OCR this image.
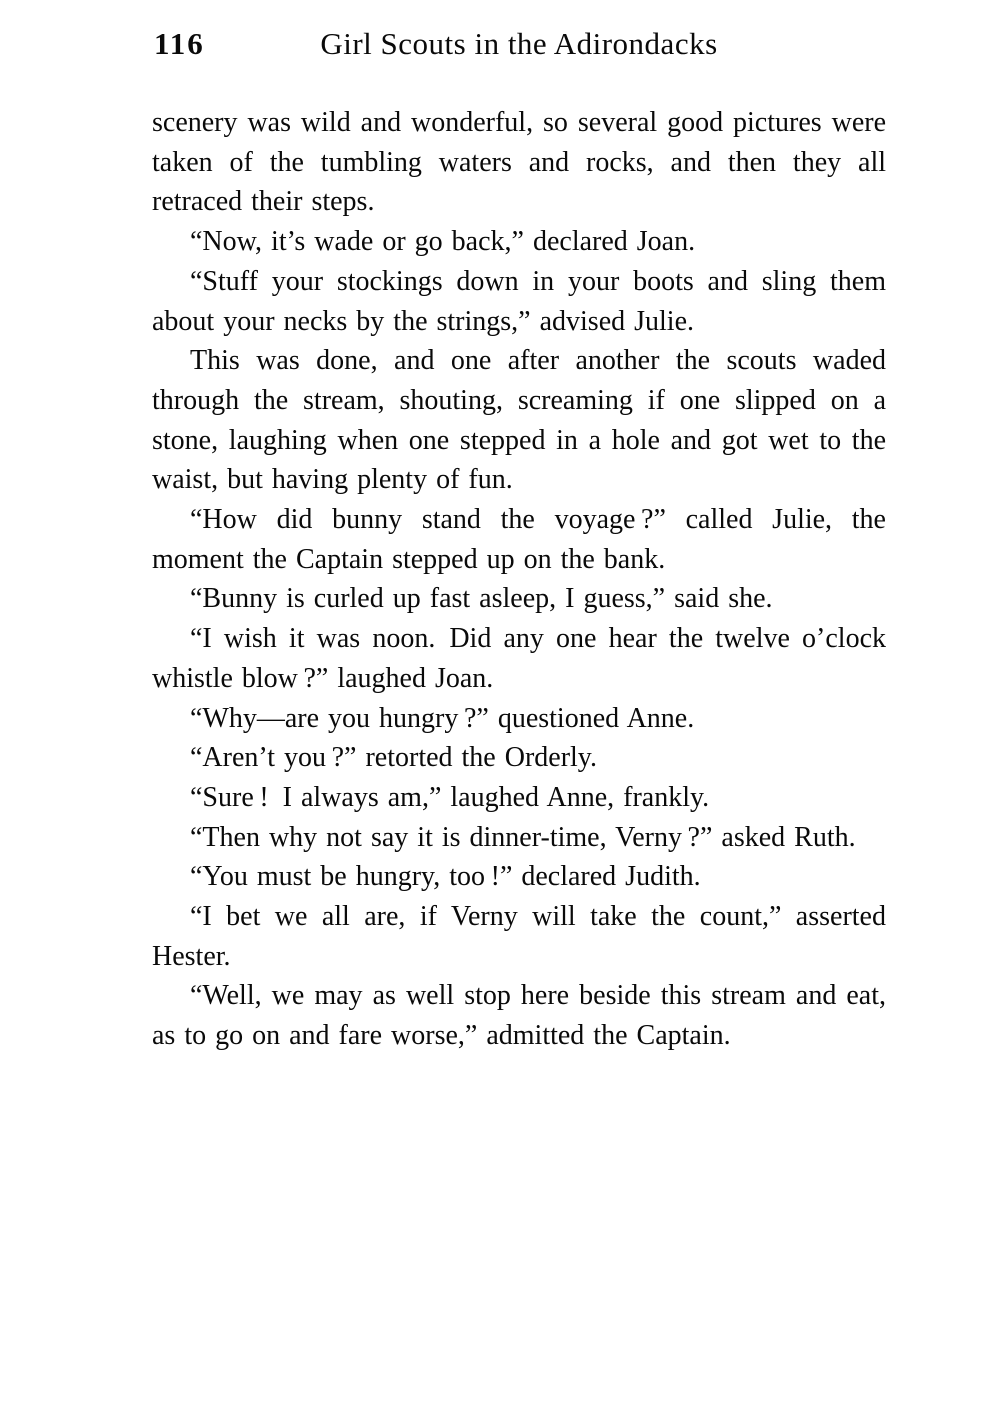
116	Girl Scouts in the Adirondacks

scenery was wild and wonderful, so several good pictures were taken of the tumbling waters and rocks, and then they all retraced their steps.

“Now, it’s wade or go back,” declared Joan.

“Stuff your stockings down in your boots and sling them about your necks by the strings,” advised Julie.

This was done, and one after another the scouts waded through the stream, shouting, screaming if one slipped on a stone, laughing when one stepped in a hole and got wet to the waist, but having plenty of fun.

“How did bunny stand the voyage ?” called Julie, the moment the Captain stepped up on the bank.

“Bunny is curled up fast asleep, I guess,” said she.

“I wish it was noon. Did any one hear the twelve o’clock whistle blow ?” laughed Joan.

“Why—are you hungry ?” questioned Anne.

“Aren’t you ?” retorted the Orderly.

“Sure ! I always am,” laughed Anne, frankly.

“Then why not say it is dinner-time, Verny ?” asked Ruth.

“You must be hungry, too !” declared Judith.

“I bet we all are, if Verny will take the count,” asserted Hester.

“Well, we may as well stop here beside this stream and eat, as to go on and fare worse,” admitted the Captain.
